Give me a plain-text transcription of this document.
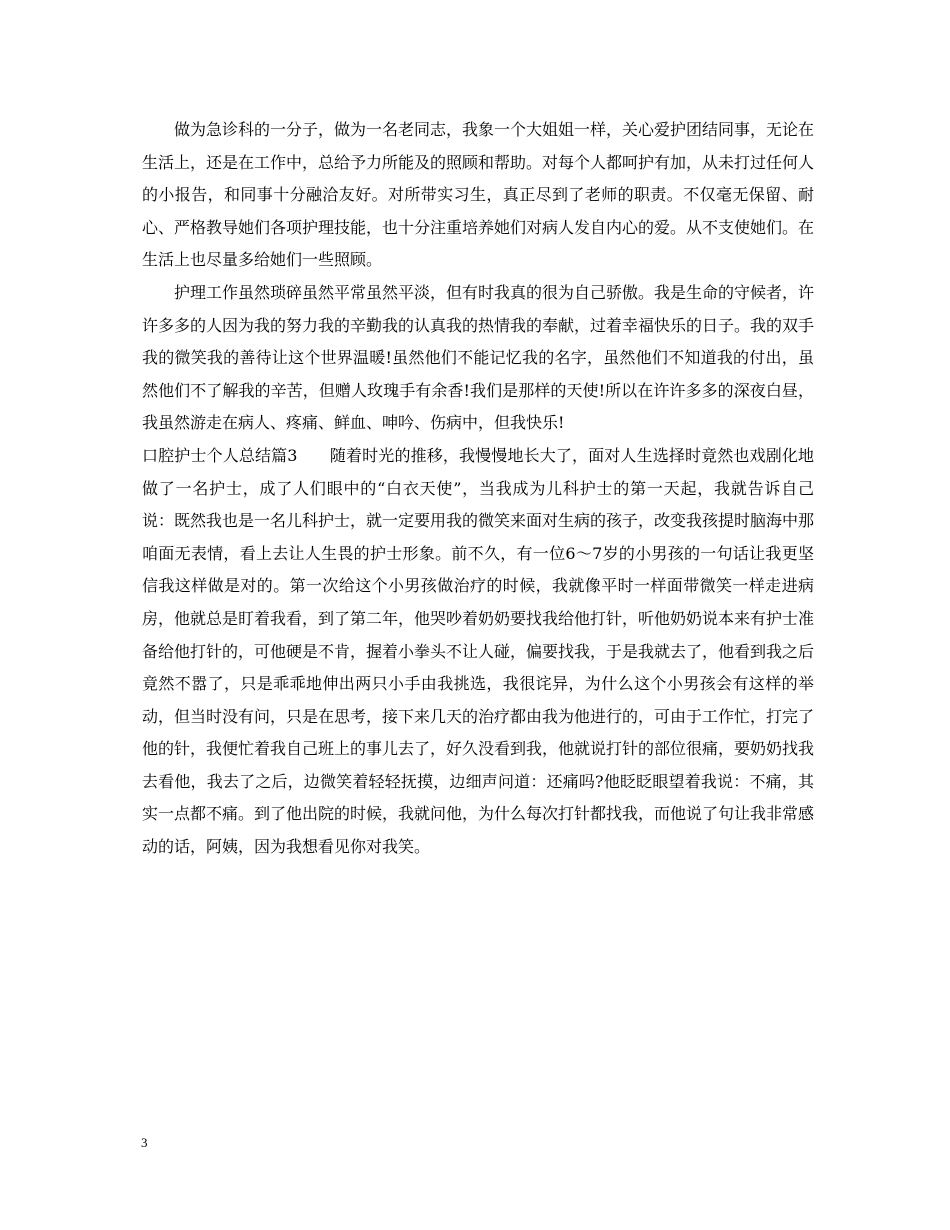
做为急诊科的一分子，做为一名老同志，我象一个大姐姐一样，关心爱护团结同事，无论在生活上，还是在工作中，总给予力所能及的照顾和帮助。对每个人都呵护有加，从未打过任何人的小报告，和同事十分融洽友好。对所带实习生，真正尽到了老师的职责。不仅毫无保留、耐心、严格教导她们各项护理技能，也十分注重培养她们对病人发自内心的爱。从不支使她们。在生活上也尽量多给她们一些照顾。

护理工作虽然琐碎虽然平常虽然平淡，但有时我真的很为自己骄傲。我是生命的守候者，许许多多的人因为我的努力我的辛勤我的认真我的热情我的奉献，过着幸福快乐的日子。我的双手我的微笑我的善待让这个世界温暖!虽然他们不能记忆我的名字，虽然他们不知道我的付出，虽然他们不了解我的辛苦，但赠人玫瑰手有余香!我们是那样的天使!所以在许许多多的深夜白昼，我虽然游走在病人、疼痛、鲜血、呻吟、伤病中，但我快乐!

口腔护士个人总结篇3　　随着时光的推移，我慢慢地长大了，面对人生选择时竟然也戏剧化地做了一名护士，成了人们眼中的“白衣天使”，当我成为儿科护士的第一天起，我就告诉自己说：既然我也是一名儿科护士，就一定要用我的微笑来面对生病的孩子，改变我孩提时脑海中那咱面无表情，看上去让人生畏的护士形象。前不久，有一位6～7岁的小男孩的一句话让我更坚信我这样做是对的。第一次给这个小男孩做治疗的时候，我就像平时一样面带微笑一样走进病房，他就总是盯着我看，到了第二年，他哭吵着奶奶要找我给他打针，听他奶奶说本来有护士准备给他打针的，可他硬是不肯，握着小拳头不让人碰，偏要找我，于是我就去了，他看到我之后竟然不嚣了，只是乖乖地伸出两只小手由我挑选，我很诧异，为什么这个小男孩会有这样的举动，但当时没有问，只是在思考，接下来几天的治疗都由我为他进行的，可由于工作忙，打完了他的针，我便忙着我自己班上的事儿去了，好久没看到我，他就说打针的部位很痛，要奶奶找我去看他，我去了之后，边微笑着轻轻抚摸，边细声问道：还痛吗?他眨眨眼望着我说：不痛，其实一点都不痛。到了他出院的时候，我就问他，为什么每次打针都找我，而他说了句让我非常感动的话，阿姨，因为我想看见你对我笑。

3
